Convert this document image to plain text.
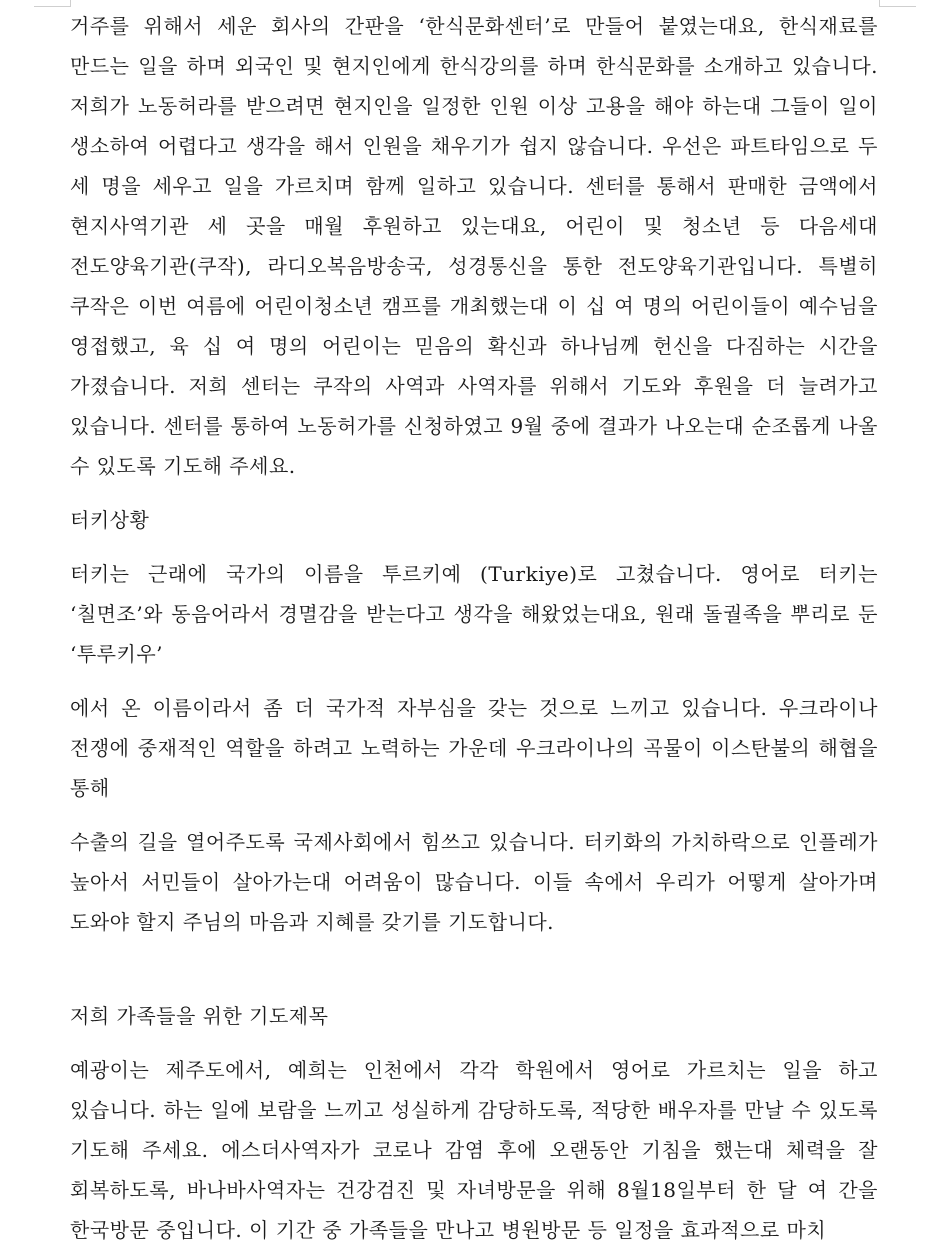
거주를 위해서 세운 회사의 간판을 ‘한식문화센터’로 만들어 붙였는대요, 한식재료를 만드는 일을 하며 외국인 및 현지인에게 한식강의를 하며 한식문화를 소개하고 있습니다. 저희가 노동허라를 받으려면 현지인을 일정한 인원 이상 고용을 해야 하는대 그들이 일이 생소하여 어렵다고 생각을 해서 인원을 채우기가 쉽지 않습니다. 우선은 파트타임으로 두 세 명을 세우고 일을 가르치며 함께 일하고 있습니다. 센터를 통해서 판매한 금액에서 현지사역기관 세 곳을 매월 후원하고 있는대요, 어린이 및 청소년 등 다음세대 전도양육기관(쿠작), 라디오복음방송국, 성경통신을 통한 전도양육기관입니다. 특별히 쿠작은 이번 여름에 어린이청소년 캠프를 개최했는대 이 십 여 명의 어린이들이 예수님을 영접했고, 육 십 여 명의 어린이는 믿음의 확신과 하나님께 헌신을 다짐하는 시간을 가졌습니다. 저희 센터는 쿠작의 사역과 사역자를 위해서 기도와 후원을 더 늘려가고 있습니다. 센터를 통하여 노동허가를 신청하였고 9월 중에 결과가 나오는대 순조롭게 나올 수 있도록 기도해 주세요.

터키상황

터키는 근래에 국가의 이름을 투르키예 (Turkiye)로 고쳤습니다. 영어로 터키는 ‘칠면조’와 동음어라서 경멸감을 받는다고 생각을 해왔었는대요, 원래 돌궐족을 뿌리로 둔 ‘투루키우’

에서 온 이름이라서 좀 더 국가적 자부심을 갖는 것으로 느끼고 있습니다. 우크라이나 전쟁에 중재적인 역할을 하려고 노력하는 가운데 우크라이나의 곡물이 이스탄불의 해협을 통해

수출의 길을 열어주도록 국제사회에서 힘쓰고 있습니다. 터키화의 가치하락으로 인플레가 높아서 서민들이 살아가는대 어려움이 많습니다. 이들 속에서 우리가 어떻게 살아가며 도와야 할지 주님의 마음과 지혜를 갖기를 기도합니다.

저희 가족들을 위한 기도제목

예광이는 제주도에서, 예희는 인천에서 각각 학원에서 영어로 가르치는 일을 하고 있습니다. 하는 일에 보람을 느끼고 성실하게 감당하도록, 적당한 배우자를 만날 수 있도록 기도해 주세요. 에스더사역자가 코로나 감염 후에 오랜동안 기침을 했는대 체력을 잘 회복하도록, 바나바사역자는 건강검진 및 자녀방문을 위해 8월18일부터 한 달 여 간을 한국방문 중입니다. 이 기간 중 가족들을 만나고 병원방문 등 일정을 효과적으로 마치
